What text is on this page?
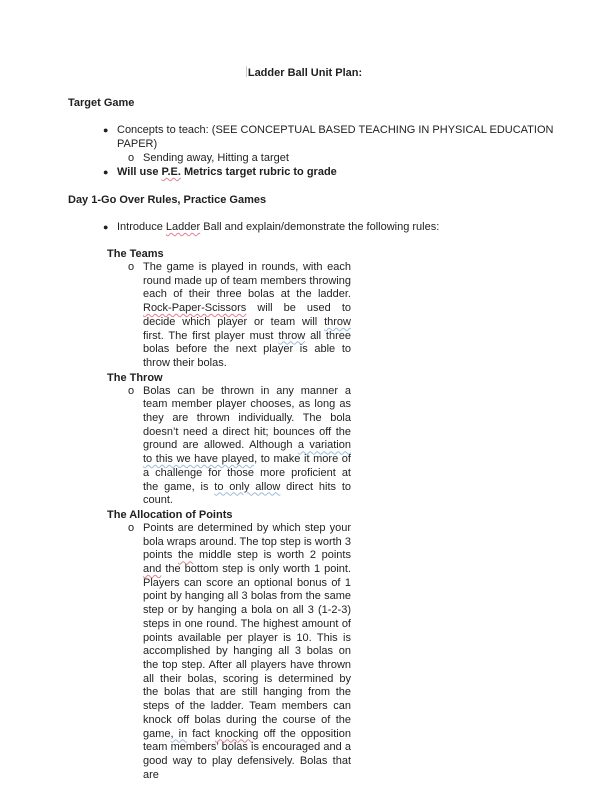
Ladder Ball Unit Plan:
Target Game
● Concepts to teach: (SEE CONCEPTUAL BASED TEACHING IN PHYSICAL EDUCATION PAPER)
o Sending away, Hitting a target
● Will use P.E. Metrics target rubric to grade
Day 1-Go Over Rules, Practice Games
● Introduce Ladder Ball and explain/demonstrate the following rules:
The Teams
o The game is played in rounds, with each round made up of team members throwing each of their three bolas at the ladder. Rock-Paper-Scissors will be used to decide which player or team will throw first. The first player must throw all three bolas before the next player is able to throw their bolas.
The Throw
o Bolas can be thrown in any manner a team member player chooses, as long as they are thrown individually. The bola doesn’t need a direct hit; bounces off the ground are allowed. Although a variation to this we have played, to make it more of a challenge for those more proficient at the game, is to only allow direct hits to count.
The Allocation of Points
o Points are determined by which step your bola wraps around. The top step is worth 3 points the middle step is worth 2 points and the bottom step is only worth 1 point. Players can score an optional bonus of 1 point by hanging all 3 bolas from the same step or by hanging a bola on all 3 (1-2-3) steps in one round. The highest amount of points available per player is 10. This is accomplished by hanging all 3 bolas on the top step. After all players have thrown all their bolas, scoring is determined by the bolas that are still hanging from the steps of the ladder. Team members can knock off bolas during the course of the game, in fact knocking off the opposition team members’ bolas is encouraged and a good way to play defensively. Bolas that are
